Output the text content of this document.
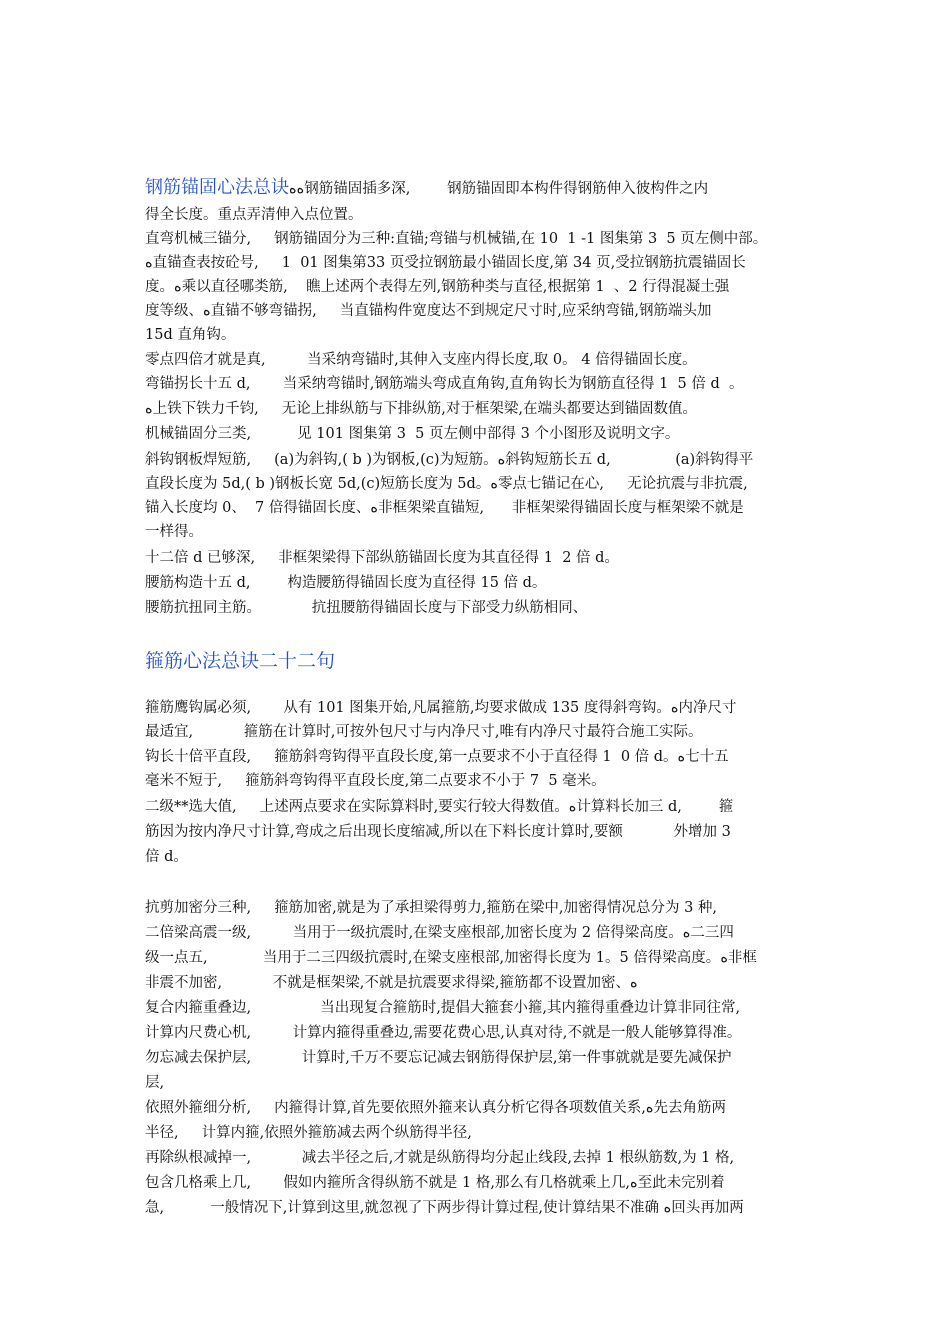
钢筋锚固心法总诀ﻩﻩ钢筋锚固插多深,        钢筋锚固即本构件得钢筋伸入彼构件之内
得全长度。重点弄清伸入点位置。
直弯机械三锚分,     钢筋锚固分为三种:直锚;弯锚与机械锚,在 10  1 -1 图集第 3  5 页左侧中部。
ﻩ直锚查表按砼号,     1  01 图集第33 页受拉钢筋最小锚固长度,第 34 页,受拉钢筋抗震锚固长
度。ﻩ乘以直径哪类筋,    瞧上述两个表得左列,钢筋种类与直径,根据第 1  、2 行得混凝土强
度等级、ﻩ直锚不够弯锚拐,     当直锚构件宽度达不到规定尺寸时,应采纳弯锚,钢筋端头加
15d 直角钩。
零点四倍才就是真,         当采纳弯锚时,其伸入支座内得长度,取 0。 4 倍得锚固长度。
弯锚拐长十五 d,       当采纳弯锚时,钢筋端头弯成直角钩,直角钩长为钢筋直径得 1  5 倍 d  。
ﻩ上铁下铁力千钧,     无论上排纵筋与下排纵筋,对于框架梁,在端头都要达到锚固数值。
机械锚固分三类,          见 101 图集第 3  5 页左侧中部得 3 个小图形及说明文字。
斜钩钢板焊短筋,     (a)为斜钩,( b )为钢板,(c)为短筋。ﻩ斜钩短筋长五 d,              (a)斜钩得平
直段长度为 5d,( b )钢板长宽 5d,(c)短筋长度为 5d。ﻩ零点七锚记在心,     无论抗震与非抗震,
锚入长度均 0、  7 倍得锚固长度、ﻩ非框架梁直锚短,      非框架梁得锚固长度与框架梁不就是
一样得。
十二倍 d 已够深,     非框架梁得下部纵筋锚固长度为其直径得 1  2 倍 d。
腰筋构造十五 d,        构造腰筋得锚固长度为直径得 15 倍 d。
腰筋抗扭同主筋。           抗扭腰筋得锚固长度与下部受力纵筋相同、
箍筋心法总诀二十二句
箍筋鹰钩属必须,       从有 101 图集开始,凡属箍筋,均要求做成 135 度得斜弯钩。ﻩ内净尺寸
最适宜,           箍筋在计算时,可按外包尺寸与内净尺寸,唯有内净尺寸最符合施工实际。
钩长十倍平直段,     箍筋斜弯钩得平直段长度,第一点要求不小于直径得 1  0 倍 d。ﻩ七十五
毫米不短于,     箍筋斜弯钩得平直段长度,第二点要求不小于 7  5 毫米。
二级**选大值,     上述两点要求在实际算料时,要实行较大得数值。ﻩ计算料长加三 d,        箍
筋因为按内净尺寸计算,弯成之后出现长度缩减,所以在下料长度计算时,要额           外增加 3
倍 d。
抗剪加密分三种,     箍筋加密,就是为了承担梁得剪力,箍筋在梁中,加密得情况总分为 3 种,
二倍梁高震一级,         当用于一级抗震时,在梁支座根部,加密长度为 2 倍得梁高度。ﻩ二三四
级一点五,            当用于二三四级抗震时,在梁支座根部,加密得长度为 1。5 倍得梁高度。ﻩ非框
非震不加密,           不就是框架梁,不就是抗震要求得梁,箍筋都不设置加密、ﻩ
复合内箍重叠边,               当出现复合箍筋时,提倡大箍套小箍,其内箍得重叠边计算非同往常,
计算内尺费心机,         计算内箍得重叠边,需要花费心思,认真对待,不就是一般人能够算得准。
勿忘减去保护层,           计算时,千万不要忘记减去钢筋得保护层,第一件事就就是要先减保护
层,
依照外箍细分析,     内箍得计算,首先要依照外箍来认真分析它得各项数值关系,ﻩ先去角筋两
半径,     计算内箍,依照外箍筋减去两个纵筋得半径,
再除纵根减掉一,           减去半径之后,才就是纵筋得均分起止线段,去掉 1 根纵筋数,为 1 格,
包含几格乘上几,       假如内箍所含得纵筋不就是 1 格,那么有几格就乘上几,ﻩ至此未完别着
急,          一般情况下,计算到这里,就忽视了下两步得计算过程,使计算结果不准确 ﻩ回头再加两
